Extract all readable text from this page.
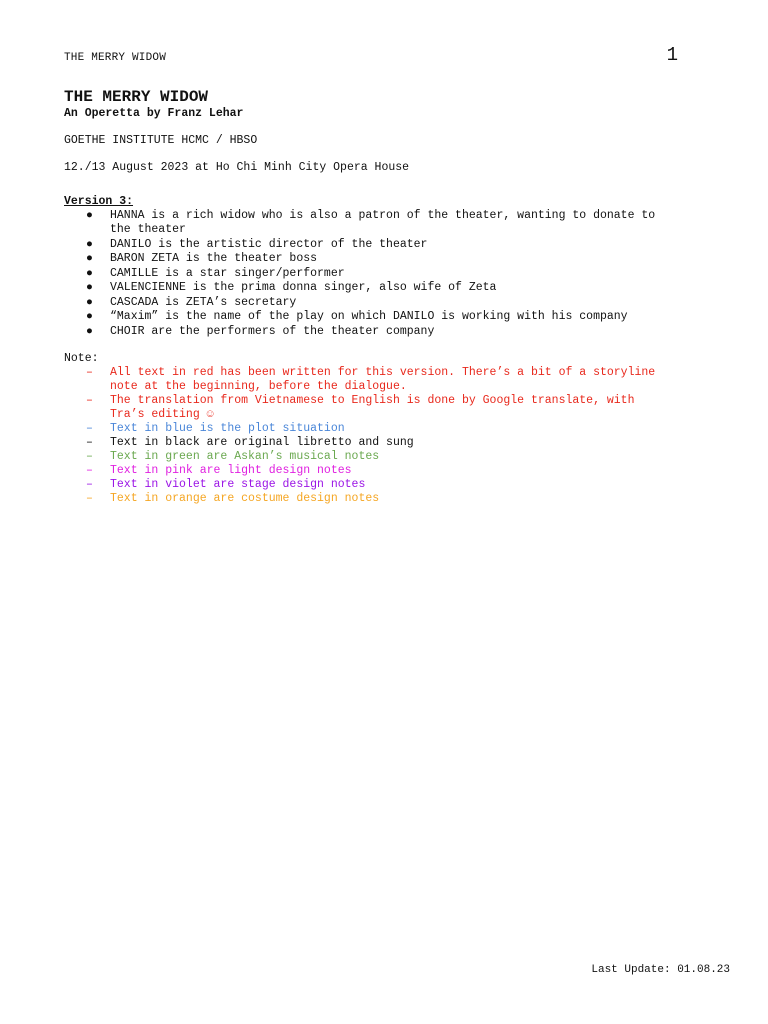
THE MERRY WIDOW	1
THE MERRY WIDOW
An Operetta by Franz Lehar
GOETHE INSTITUTE HCMC / HBSO
12./13 August 2023 at Ho Chi Minh City Opera House
Version 3:
● HANNA is a rich widow who is also a patron of the theater, wanting to donate to the theater
● DANILO is the artistic director of the theater
● BARON ZETA is the theater boss
● CAMILLE is a star singer/performer
● VALENCIENNE is the prima donna singer, also wife of Zeta
● CASCADA is ZETA’s secretary
● “Maxim” is the name of the play on which DANILO is working with his company
● CHOIR are the performers of the theater company
Note:
– All text in red has been written for this version. There’s a bit of a storyline note at the beginning, before the dialogue.
– The translation from Vietnamese to English is done by Google translate, with Tra’s editing ☺
– Text in blue is the plot situation
– Text in black are original libretto and sung
– Text in green are Askan’s musical notes
– Text in pink are light design notes
– Text in violet are stage design notes
– Text in orange are costume design notes
Last Update: 01.08.23
